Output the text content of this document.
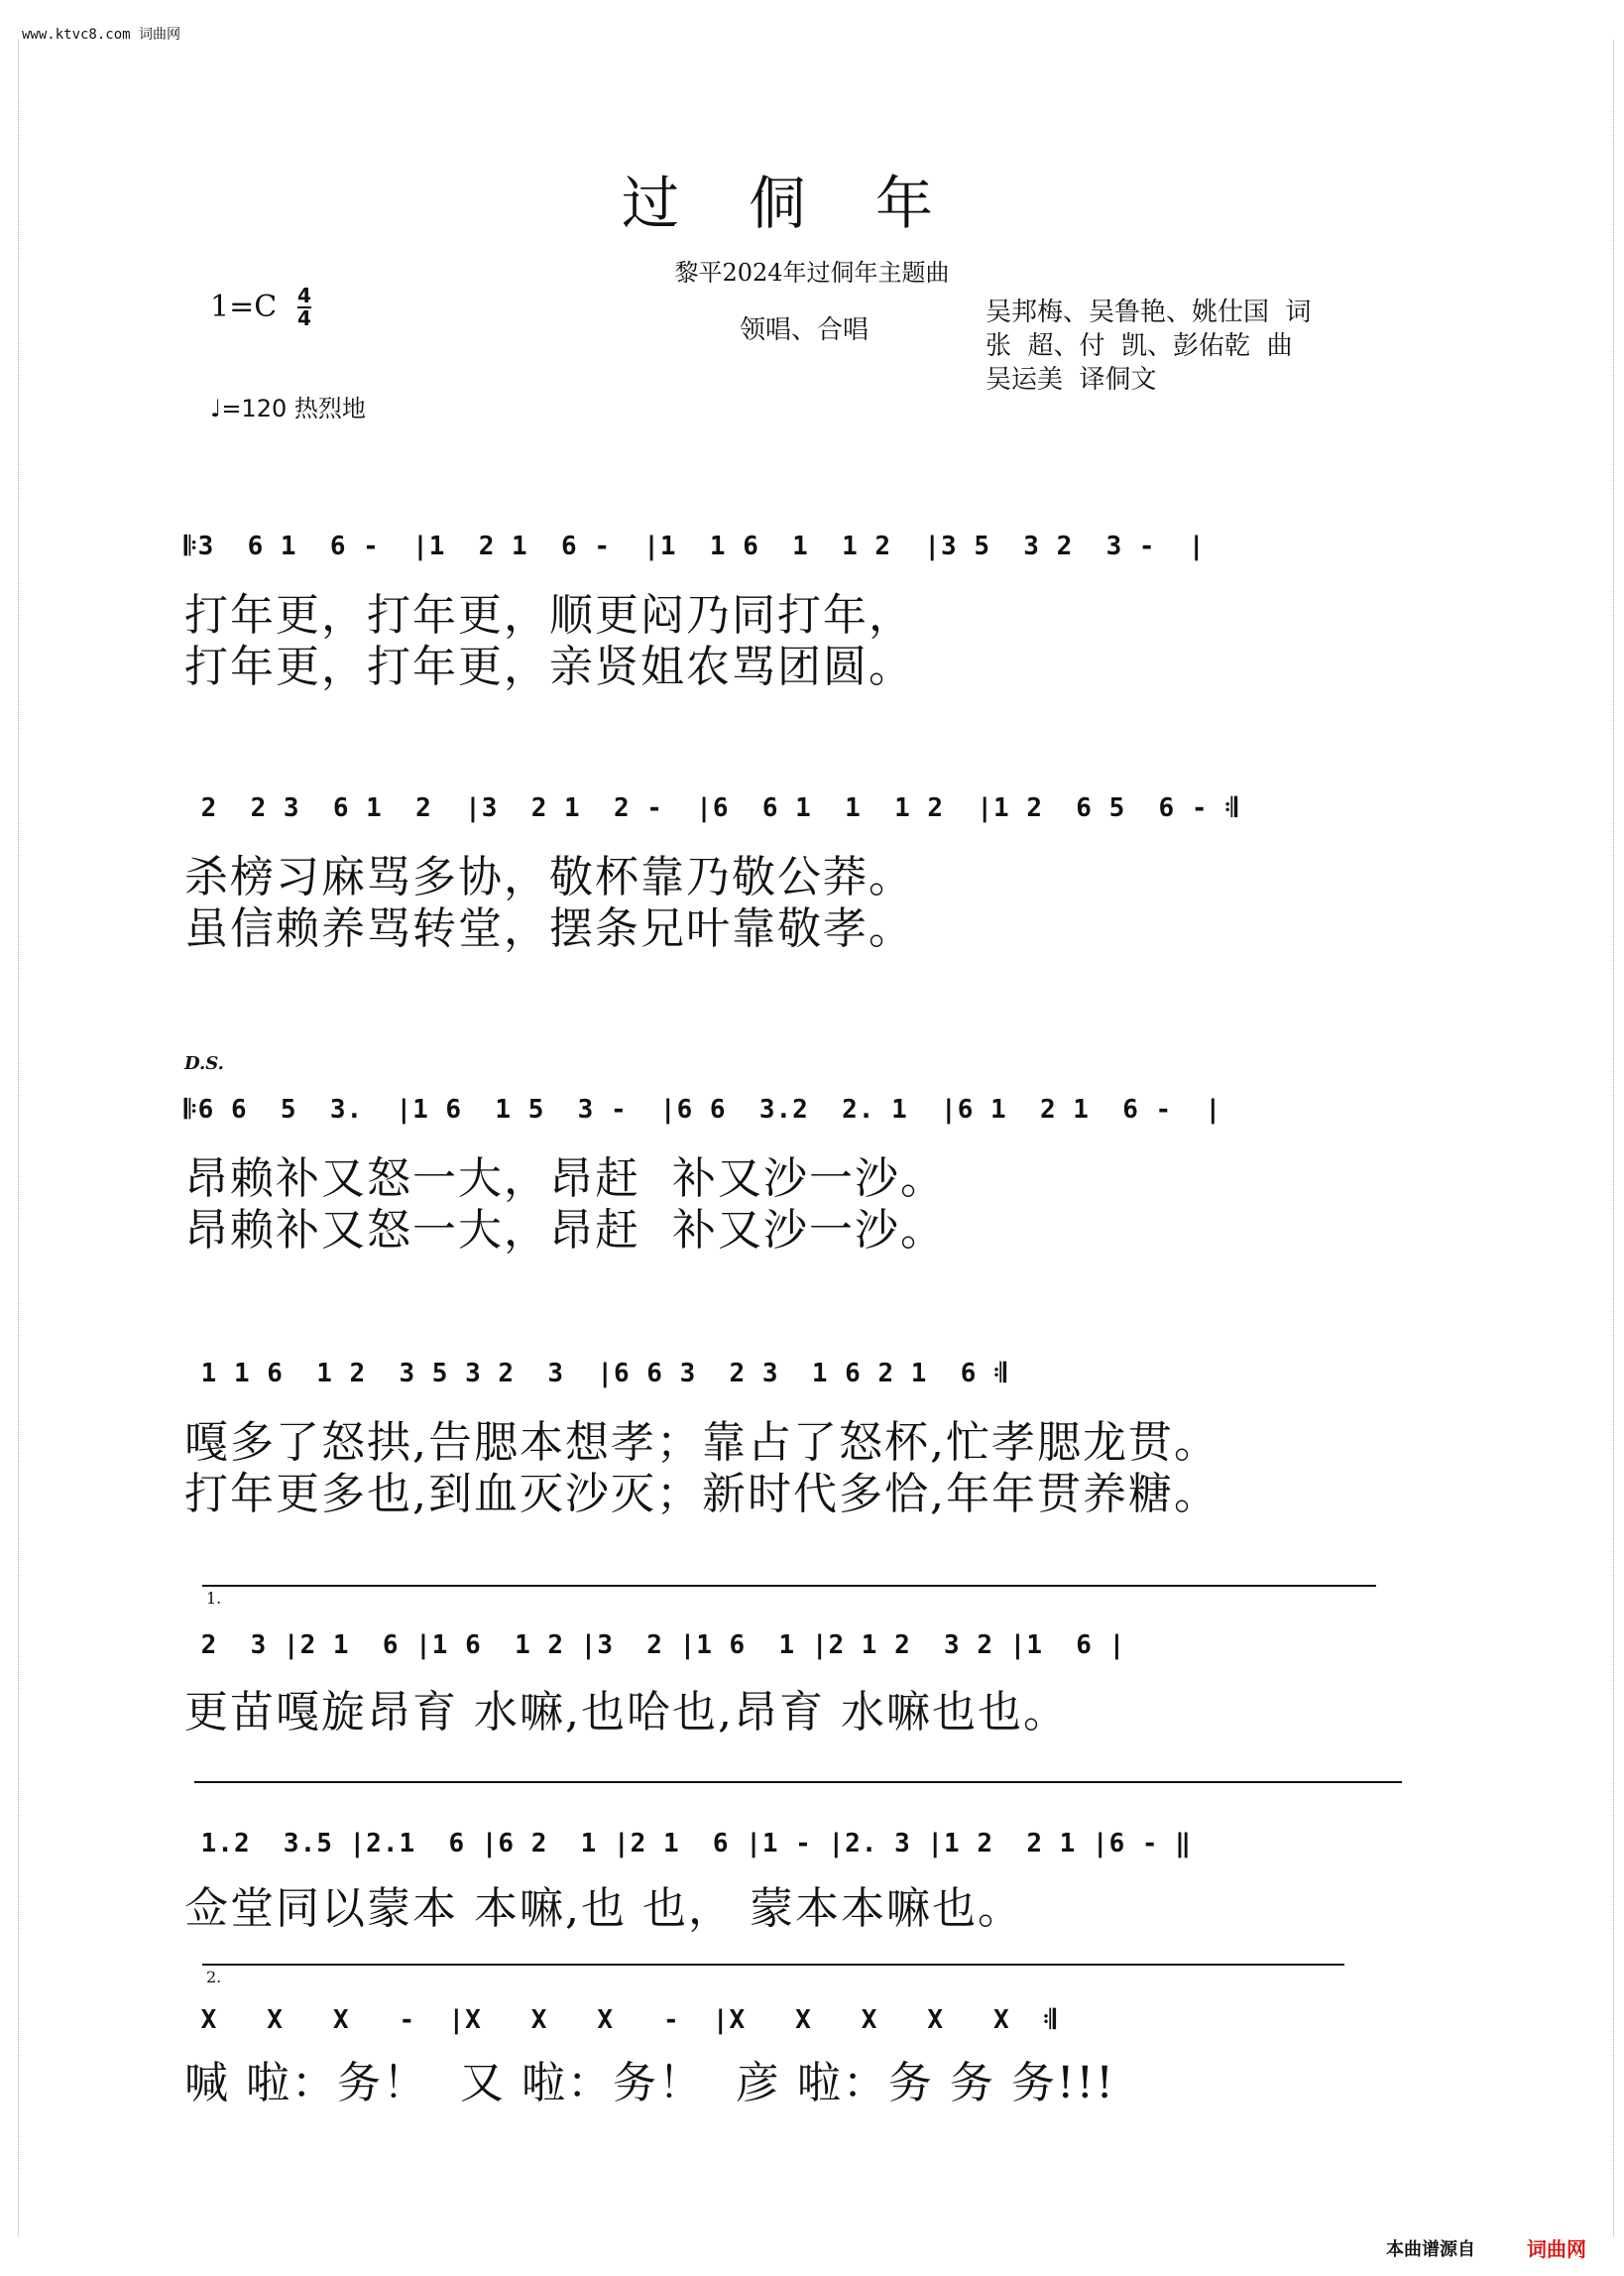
www.ktvc8.com 词曲网
过侗年
黎平2024年过侗年主题曲
1=C 4
4
♩=120 热烈地
领唱、合唱
吴邦梅、吴鲁艳、姚仕国  词
张  超、付  凯、彭佑乾  曲
吴运美  译侗文
D.S.
𝄆3  6 1  6 -  |1  2 1  6 -  |1  1 6  1  1 2  |3 5  3 2  3 -  |
打年更，打年更，顺更闷乃同打年，
打年更，打年更，亲贤姐农骂团圆。
2  2 3  6 1  2  |3  2 1  2 -  |6  6 1  1  1 2  |1 2  6 5  6 - 𝄇
杀榜习麻骂多协，敬杯靠乃敬公莽。
虽信赖养骂转堂，摆条兄叶靠敬孝。
𝄆6 6  5  3.  |1 6  1 5  3 -  |6 6  3.2  2. 1  |6 1  2 1  6 -  |
昂赖补又怒一大，昂赶  补又沙一沙。
昂赖补又怒一大，昂赶  补又沙一沙。
1 1 6  1 2  3 5 3 2  3  |6 6 3  2 3  1 6 2 1  6 𝄇
嘎多了怒拱,告腮本想孝；靠占了怒杯,忙孝腮龙贯。
打年更多也,到血灭沙灭；新时代多恰,年年贯养糖。
1.
2  3 |2 1  6 |1 6  1 2 |3  2 |1 6  1 |2 1 2  3 2 |1  6 |
更苗嘎旋昂育 水嘛,也哈也,昂育 水嘛也也。
1.2  3.5 |2.1  6 |6 2  1 |2 1  6 |1 - |2. 3 |1 2  2 1 |6 - ‖
佥堂同以蒙本 本嘛,也 也， 蒙本本嘛也。
2.
X   X   X   -  |X   X   X   -  |X   X   X   X   X  𝄇
喊 啦：务！  又 啦：务！  彦 啦：务 务 务!!!
本曲谱源自	词曲网
